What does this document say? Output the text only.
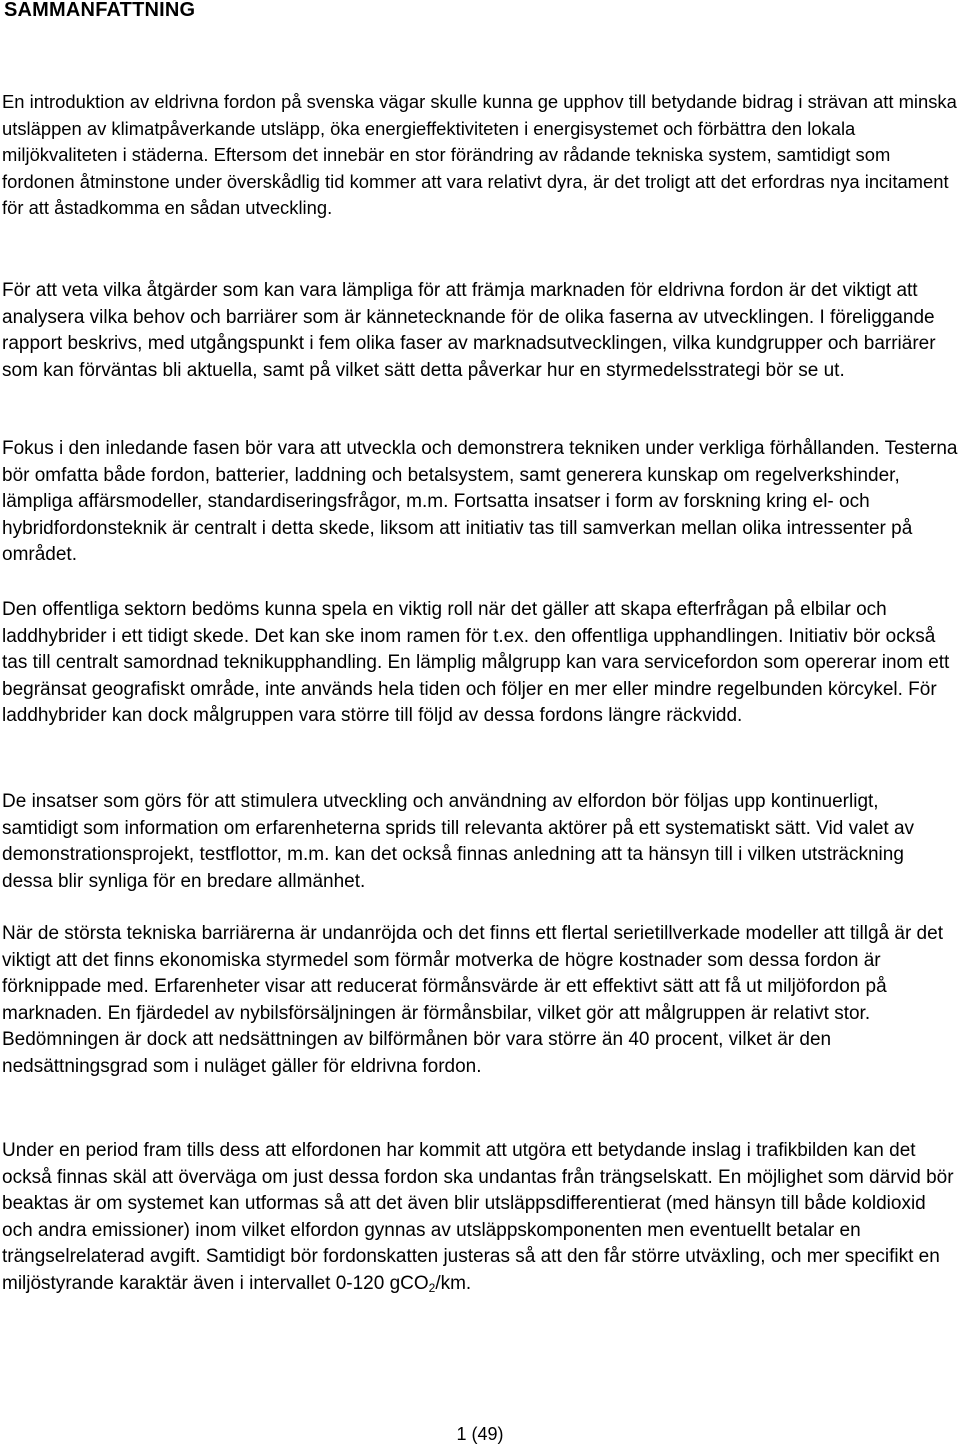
SAMMANFATTNING

En introduktion av eldrivna fordon på svenska vägar skulle kunna ge upphov till betydande bidrag i strävan att minska utsläppen av klimatpåverkande utsläpp, öka energieffektiviteten i energisystemet och förbättra den lokala miljökvaliteten i städerna. Eftersom det innebär en stor förändring av rådande tekniska system, samtidigt som fordonen åtminstone under överskådlig tid kommer att vara relativt dyra, är det troligt att det erfordras nya incitament för att åstadkomma en sådan utveckling.

För att veta vilka åtgärder som kan vara lämpliga för att främja marknaden för eldrivna fordon är det viktigt att analysera vilka behov och barriärer som är kännetecknande för de olika faserna av utvecklingen. I föreliggande rapport beskrivs, med utgångspunkt i fem olika faser av marknadsutvecklingen, vilka kundgrupper och barriärer som kan förväntas bli aktuella, samt på vilket sätt detta påverkar hur en styrmedelsstrategi bör se ut.

Fokus i den inledande fasen bör vara att utveckla och demonstrera tekniken under verkliga förhållanden. Testerna bör omfatta både fordon, batterier, laddning och betalsystem, samt generera kunskap om regelverkshinder, lämpliga affärsmodeller, standardiseringsfrågor, m.m. Fortsatta insatser i form av forskning kring el- och hybridfordonsteknik är centralt i detta skede, liksom att initiativ tas till samverkan mellan olika intressenter på området.

Den offentliga sektorn bedöms kunna spela en viktig roll när det gäller att skapa efterfrågan på elbilar och laddhybrider i ett tidigt skede. Det kan ske inom ramen för t.ex. den offentliga upphandlingen. Initiativ bör också tas till centralt samordnad teknikupphandling. En lämplig målgrupp kan vara servicefordon som opererar inom ett begränsat geografiskt område, inte används hela tiden och följer en mer eller mindre regelbunden körcykel. För laddhybrider kan dock målgruppen vara större till följd av dessa fordons längre räckvidd.

De insatser som görs för att stimulera utveckling och användning av elfordon bör följas upp kontinuerligt, samtidigt som information om erfarenheterna sprids till relevanta aktörer på ett systematiskt sätt. Vid valet av demonstrationsprojekt, testflottor, m.m. kan det också finnas anledning att ta hänsyn till i vilken utsträckning dessa blir synliga för en bredare allmänhet.

När de största tekniska barriärerna är undanröjda och det finns ett flertal serietillverkade modeller att tillgå är det viktigt att det finns ekonomiska styrmedel som förmår motverka de högre kostnader som dessa fordon är förknippade med. Erfarenheter visar att reducerat förmånsvärde är ett effektivt sätt att få ut miljöfordon på marknaden. En fjärdedel av nybilsförsäljningen är förmånsbilar, vilket gör att målgruppen är relativt stor. Bedömningen är dock att nedsättningen av bilförmånen bör vara större än 40 procent, vilket är den nedsättningsgrad som i nuläget gäller för eldrivna fordon.

Under en period fram tills dess att elfordonen har kommit att utgöra ett betydande inslag i trafikbilden kan det också finnas skäl att överväga om just dessa fordon ska undantas från trängselskatt. En möjlighet som därvid bör beaktas är om systemet kan utformas så att det även blir utsläppsdifferentierat (med hänsyn till både koldioxid och andra emissioner) inom vilket elfordon gynnas av utsläppskomponenten men eventuellt betalar en trängselrelaterad avgift. Samtidigt bör fordonskatten justeras så att den får större utväxling, och mer specifikt en miljöstyrande karaktär även i intervallet 0-120 gCO$_2$/km.

1 (49)
